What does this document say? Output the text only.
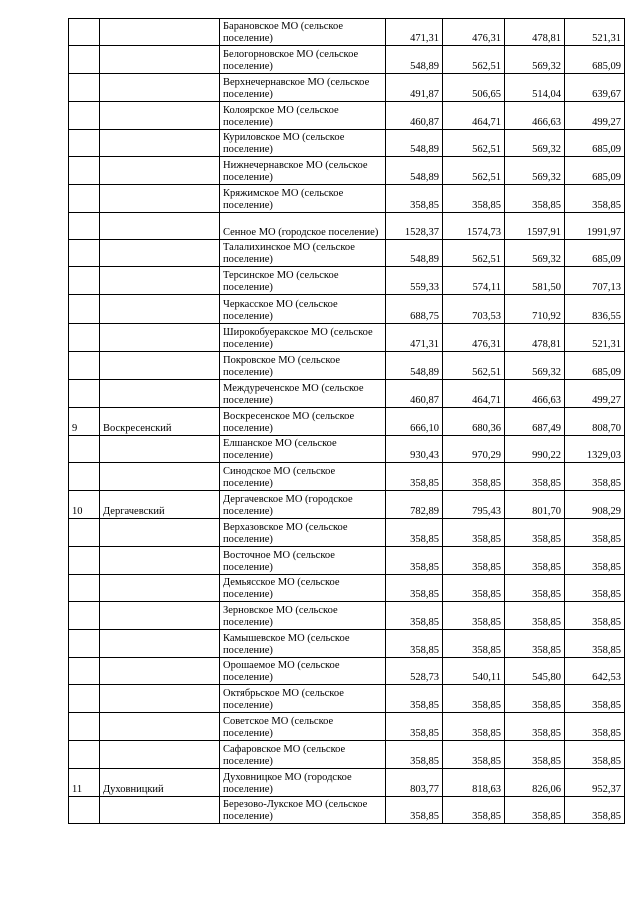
		Барановское МО (сельское поселение)	471,31	476,31	478,81	521,31
		Белогорновское МО (сельское поселение)	548,89	562,51	569,32	685,09
		Верхнечернавское МО (сельское поселение)	491,87	506,65	514,04	639,67
		Колоярское МО (сельское поселение)	460,87	464,71	466,63	499,27
		Куриловское МО (сельское поселение)	548,89	562,51	569,32	685,09
		Нижнечернавское МО (сельское поселение)	548,89	562,51	569,32	685,09
		Кряжимское МО (сельское поселение)	358,85	358,85	358,85	358,85
		Сенное МО (городское поселение)	1528,37	1574,73	1597,91	1991,97
		Талалихинское МО (сельское поселение)	548,89	562,51	569,32	685,09
		Терсинское МО (сельское поселение)	559,33	574,11	581,50	707,13
		Черкасское МО (сельское поселение)	688,75	703,53	710,92	836,55
		Широкобуеракское МО (сельское поселение)	471,31	476,31	478,81	521,31
		Покровское МО (сельское поселение)	548,89	562,51	569,32	685,09
		Междуреченское МО (сельское поселение)	460,87	464,71	466,63	499,27
9	Воскресенский	Воскресенское МО (сельское поселение)	666,10	680,36	687,49	808,70
		Елшанское МО (сельское поселение)	930,43	970,29	990,22	1329,03
		Синодское МО (сельское поселение)	358,85	358,85	358,85	358,85
10	Дергачевский	Дергачевское МО (городское поселение)	782,89	795,43	801,70	908,29
		Верхазовское МО (сельское поселение)	358,85	358,85	358,85	358,85
		Восточное МО (сельское поселение)	358,85	358,85	358,85	358,85
		Демьясское МО (сельское поселение)	358,85	358,85	358,85	358,85
		Зерновское МО (сельское поселение)	358,85	358,85	358,85	358,85
		Камышевское МО (сельское поселение)	358,85	358,85	358,85	358,85
		Орошаемое МО (сельское поселение)	528,73	540,11	545,80	642,53
		Октябрьское МО (сельское поселение)	358,85	358,85	358,85	358,85
		Советское МО (сельское поселение)	358,85	358,85	358,85	358,85
		Сафаровское МО (сельское поселение)	358,85	358,85	358,85	358,85
11	Духовницкий	Духовницкое МО (городское поселение)	803,77	818,63	826,06	952,37
		Березово-Лукское МО (сельское поселение)	358,85	358,85	358,85	358,85
